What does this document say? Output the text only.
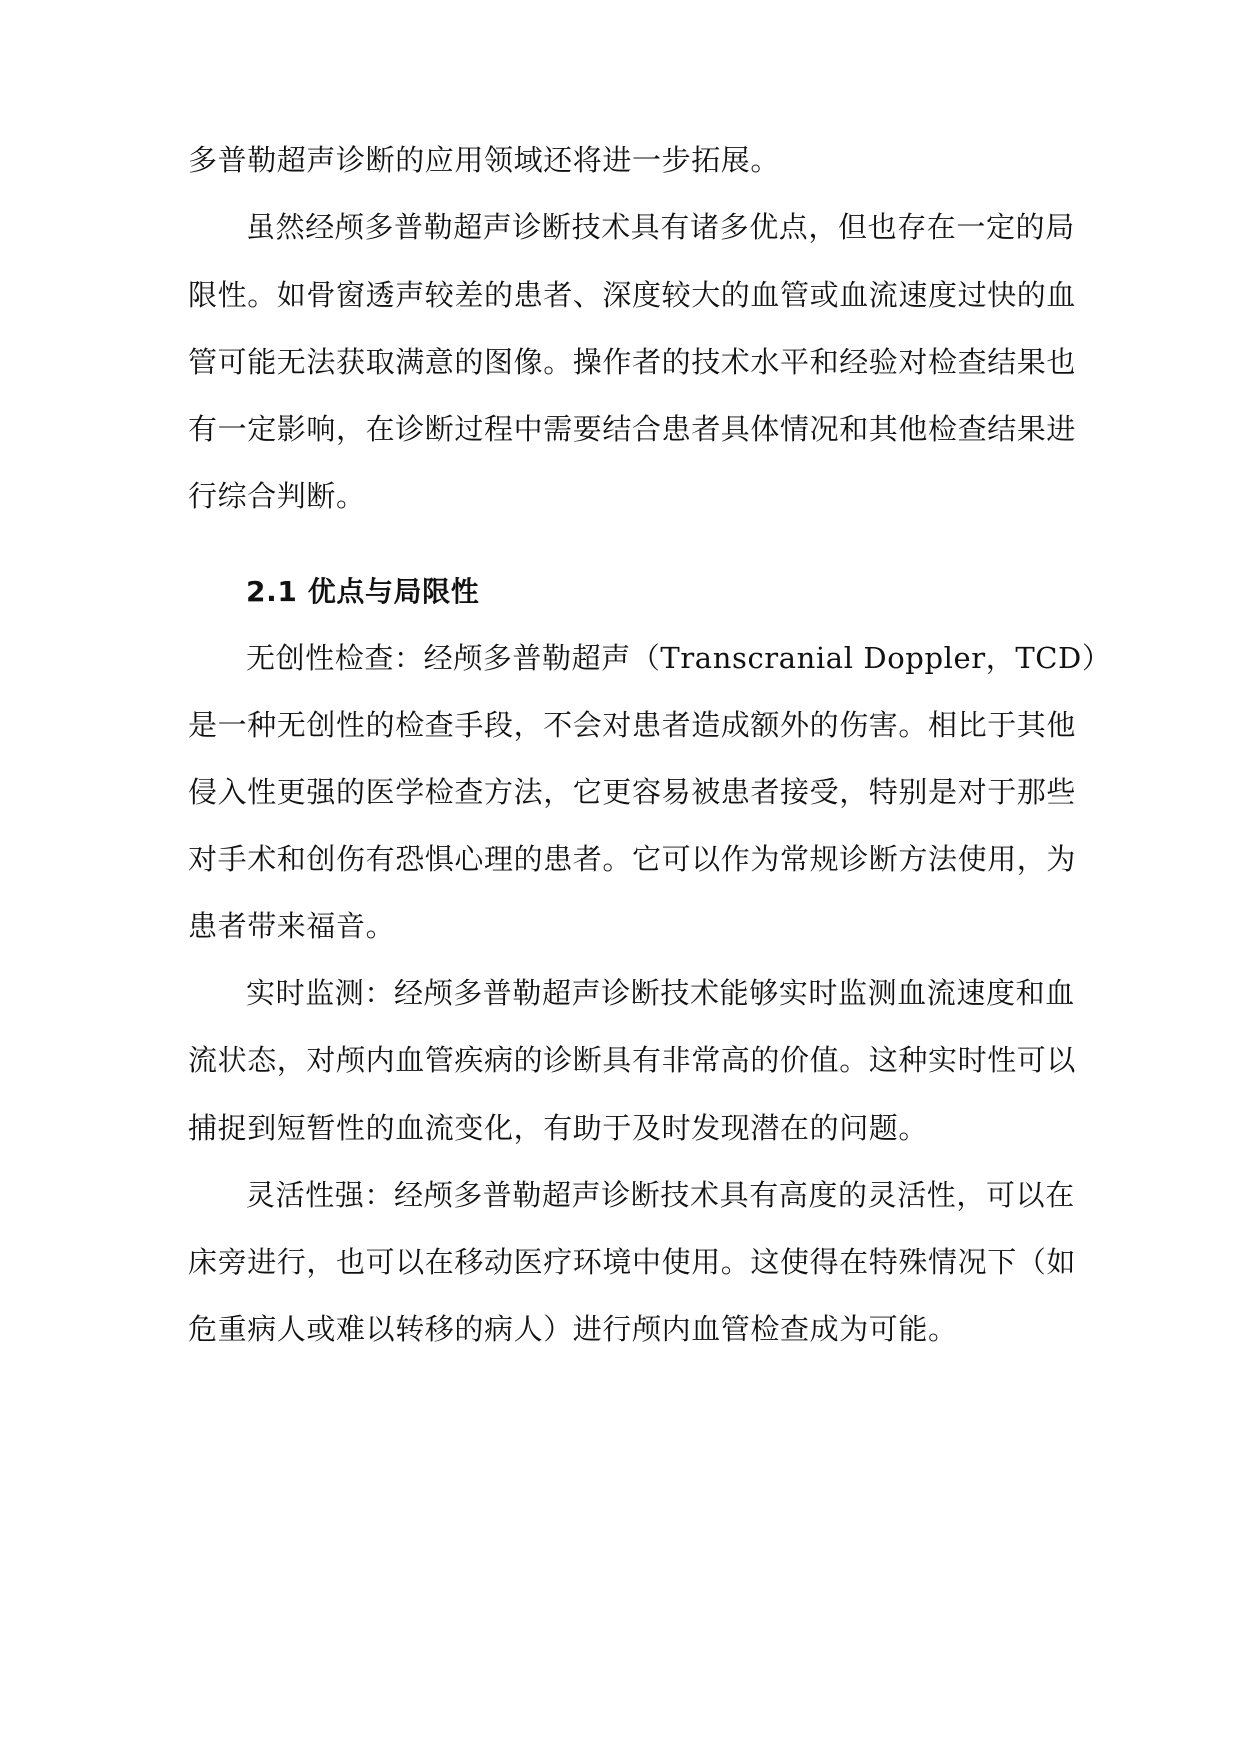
多普勒超声诊断的应用领域还将进一步拓展。
虽然经颅多普勒超声诊断技术具有诸多优点，但也存在一定的局
限性。如骨窗透声较差的患者、深度较大的血管或血流速度过快的血
管可能无法获取满意的图像。操作者的技术水平和经验对检查结果也
有一定影响，在诊断过程中需要结合患者具体情况和其他检查结果进
行综合判断。
2.1 优点与局限性
无创性检查：经颅多普勒超声（Transcranial Doppler，TCD）
是一种无创性的检查手段，不会对患者造成额外的伤害。相比于其他
侵入性更强的医学检查方法，它更容易被患者接受，特别是对于那些
对手术和创伤有恐惧心理的患者。它可以作为常规诊断方法使用，为
患者带来福音。
实时监测：经颅多普勒超声诊断技术能够实时监测血流速度和血
流状态，对颅内血管疾病的诊断具有非常高的价值。这种实时性可以
捕捉到短暂性的血流变化，有助于及时发现潜在的问题。
灵活性强：经颅多普勒超声诊断技术具有高度的灵活性，可以在
床旁进行，也可以在移动医疗环境中使用。这使得在特殊情况下（如
危重病人或难以转移的病人）进行颅内血管检查成为可能。
